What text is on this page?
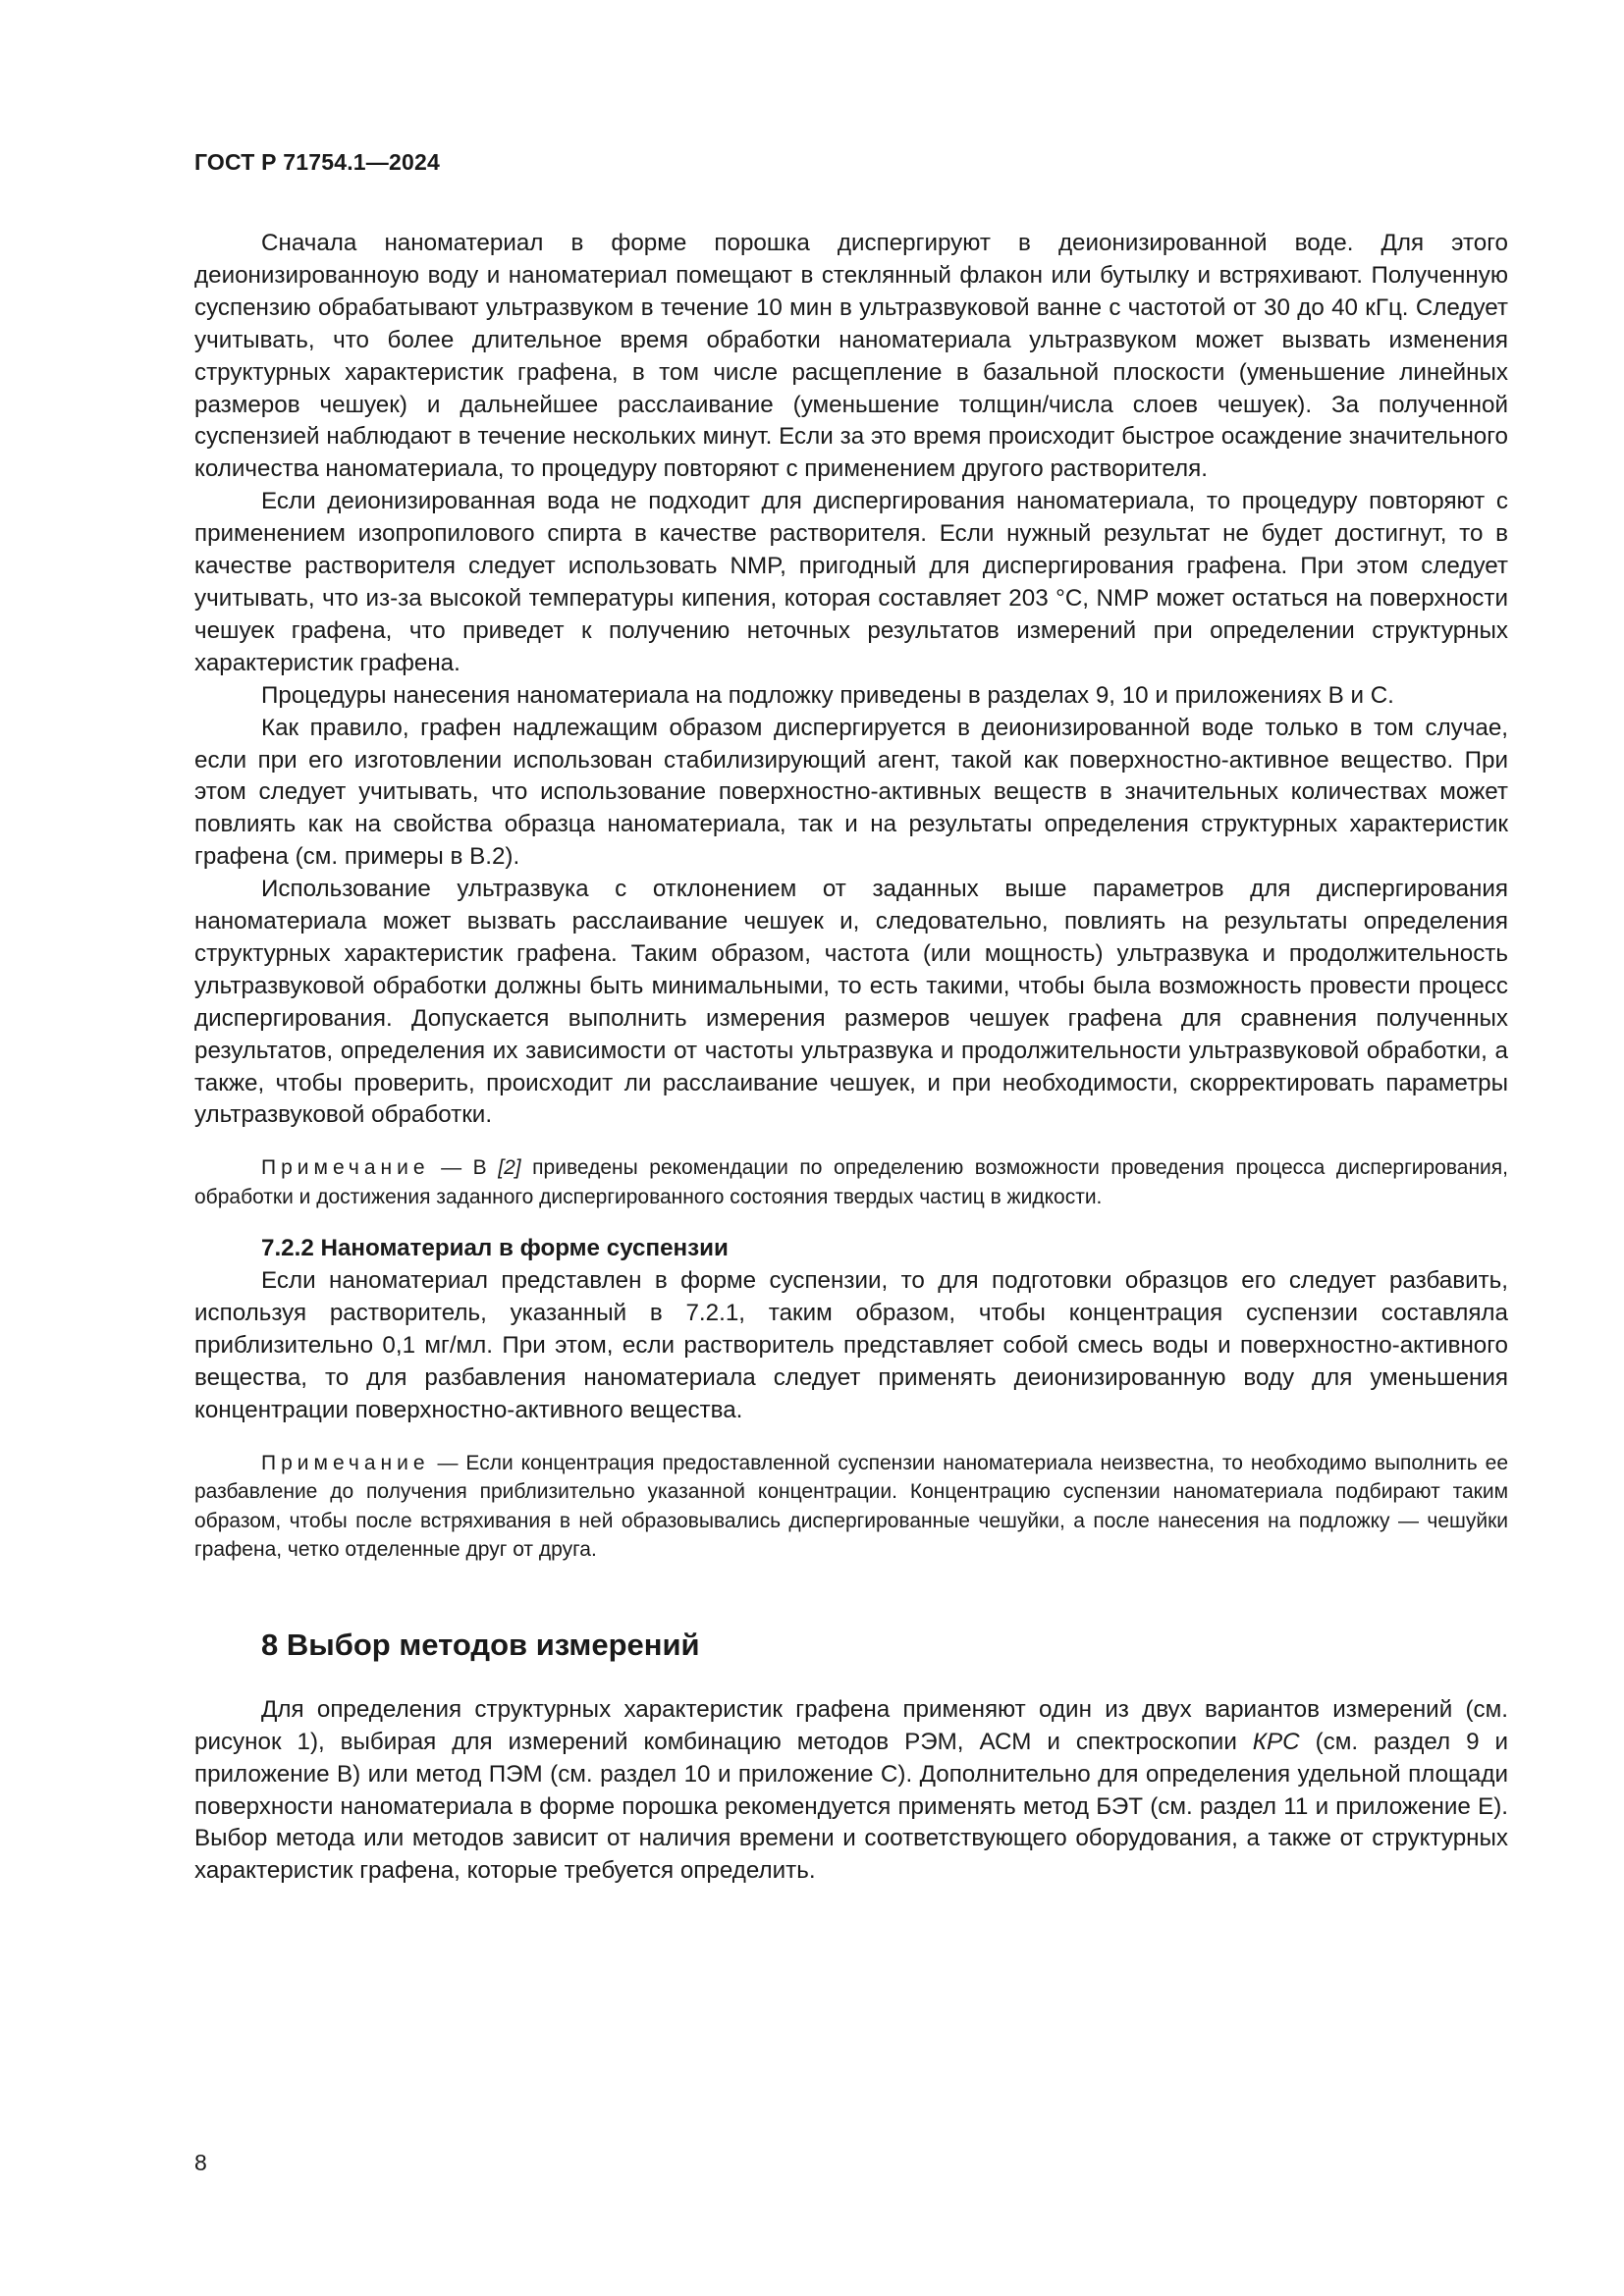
ГОСТ Р 71754.1—2024

Сначала наноматериал в форме порошка диспергируют в деионизированной воде. Для этого деионизированноую воду и наноматериал помещают в стеклянный флакон или бутылку и встряхивают. Полученную суспензию обрабатывают ультразвуком в течение 10 мин в ультразвуковой ванне с частотой от 30 до 40 кГц. Следует учитывать, что более длительное время обработки наноматериала ультразвуком может вызвать изменения структурных характеристик графена, в том числе расщепление в базальной плоскости (уменьшение линейных размеров чешуек) и дальнейшее расслаивание (уменьшение толщин/числа слоев чешуек). За полученной суспензией наблюдают в течение нескольких минут. Если за это время происходит быстрое осаждение значительного количества наноматериала, то процедуру повторяют с применением другого растворителя.

Если деионизированная вода не подходит для диспергирования наноматериала, то процедуру повторяют с применением изопропилового спирта в качестве растворителя. Если нужный результат не будет достигнут, то в качестве растворителя следует использовать NMP, пригодный для диспергирования графена. При этом следует учитывать, что из-за высокой температуры кипения, которая составляет 203 °C, NMP может остаться на поверхности чешуек графена, что приведет к получению неточных результатов измерений при определении структурных характеристик графена.

Процедуры нанесения наноматериала на подложку приведены в разделах 9, 10 и приложениях В и С.

Как правило, графен надлежащим образом диспергируется в деионизированной воде только в том случае, если при его изготовлении использован стабилизирующий агент, такой как поверхностно-активное вещество. При этом следует учитывать, что использование поверхностно-активных веществ в значительных количествах может повлиять как на свойства образца наноматериала, так и на результаты определения структурных характеристик графена (см. примеры в В.2).

Использование ультразвука с отклонением от заданных выше параметров для диспергирования наноматериала может вызвать расслаивание чешуек и, следовательно, повлиять на результаты определения структурных характеристик графена. Таким образом, частота (или мощность) ультразвука и продолжительность ультразвуковой обработки должны быть минимальными, то есть такими, чтобы была возможность провести процесс диспергирования. Допускается выполнить измерения размеров чешуек графена для сравнения полученных результатов, определения их зависимости от частоты ультразвука и продолжительности ультразвуковой обработки, а также, чтобы проверить, происходит ли расслаивание чешуек, и при необходимости, скорректировать параметры ультразвуковой обработки.

Примечание — В [2] приведены рекомендации по определению возможности проведения процесса диспергирования, обработки и достижения заданного диспергированного состояния твердых частиц в жидкости.

7.2.2 Наноматериал в форме суспензии

Если наноматериал представлен в форме суспензии, то для подготовки образцов его следует разбавить, используя растворитель, указанный в 7.2.1, таким образом, чтобы концентрация суспензии составляла приблизительно 0,1 мг/мл. При этом, если растворитель представляет собой смесь воды и поверхностно-активного вещества, то для разбавления наноматериала следует применять деионизированную воду для уменьшения концентрации поверхностно-активного вещества.

Примечание — Если концентрация предоставленной суспензии наноматериала неизвестна, то необходимо выполнить ее разбавление до получения приблизительно указанной концентрации. Концентрацию суспензии наноматериала подбирают таким образом, чтобы после встряхивания в ней образовывались диспергированные чешуйки, а после нанесения на подложку — чешуйки графена, четко отделенные друг от друга.

8 Выбор методов измерений

Для определения структурных характеристик графена применяют один из двух вариантов измерений (см. рисунок 1), выбирая для измерений комбинацию методов РЭМ, АСМ и спектроскопии КРС (см. раздел 9 и приложение В) или метод ПЭМ (см. раздел 10 и приложение С). Дополнительно для определения удельной площади поверхности наноматериала в форме порошка рекомендуется применять метод БЭТ (см. раздел 11 и приложение Е). Выбор метода или методов зависит от наличия времени и соответствующего оборудования, а также от структурных характеристик графена, которые требуется определить.

8
